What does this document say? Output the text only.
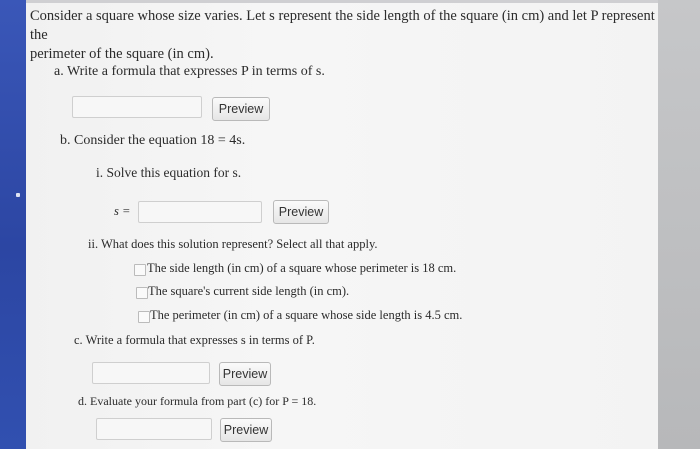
Consider a square whose size varies. Let s represent the side length of the square (in cm) and let P represent the
perimeter of the square (in cm).
a. Write a formula that expresses P in terms of s.
Preview
b. Consider the equation 18 = 4s.
i. Solve this equation for s.
s =	Preview
ii. What does this solution represent? Select all that apply.
The side length (in cm) of a square whose perimeter is 18 cm.
The square's current side length (in cm).
The perimeter (in cm) of a square whose side length is 4.5 cm.
c. Write a formula that expresses s in terms of P.
Preview
d. Evaluate your formula from part (c) for P = 18.
Preview
